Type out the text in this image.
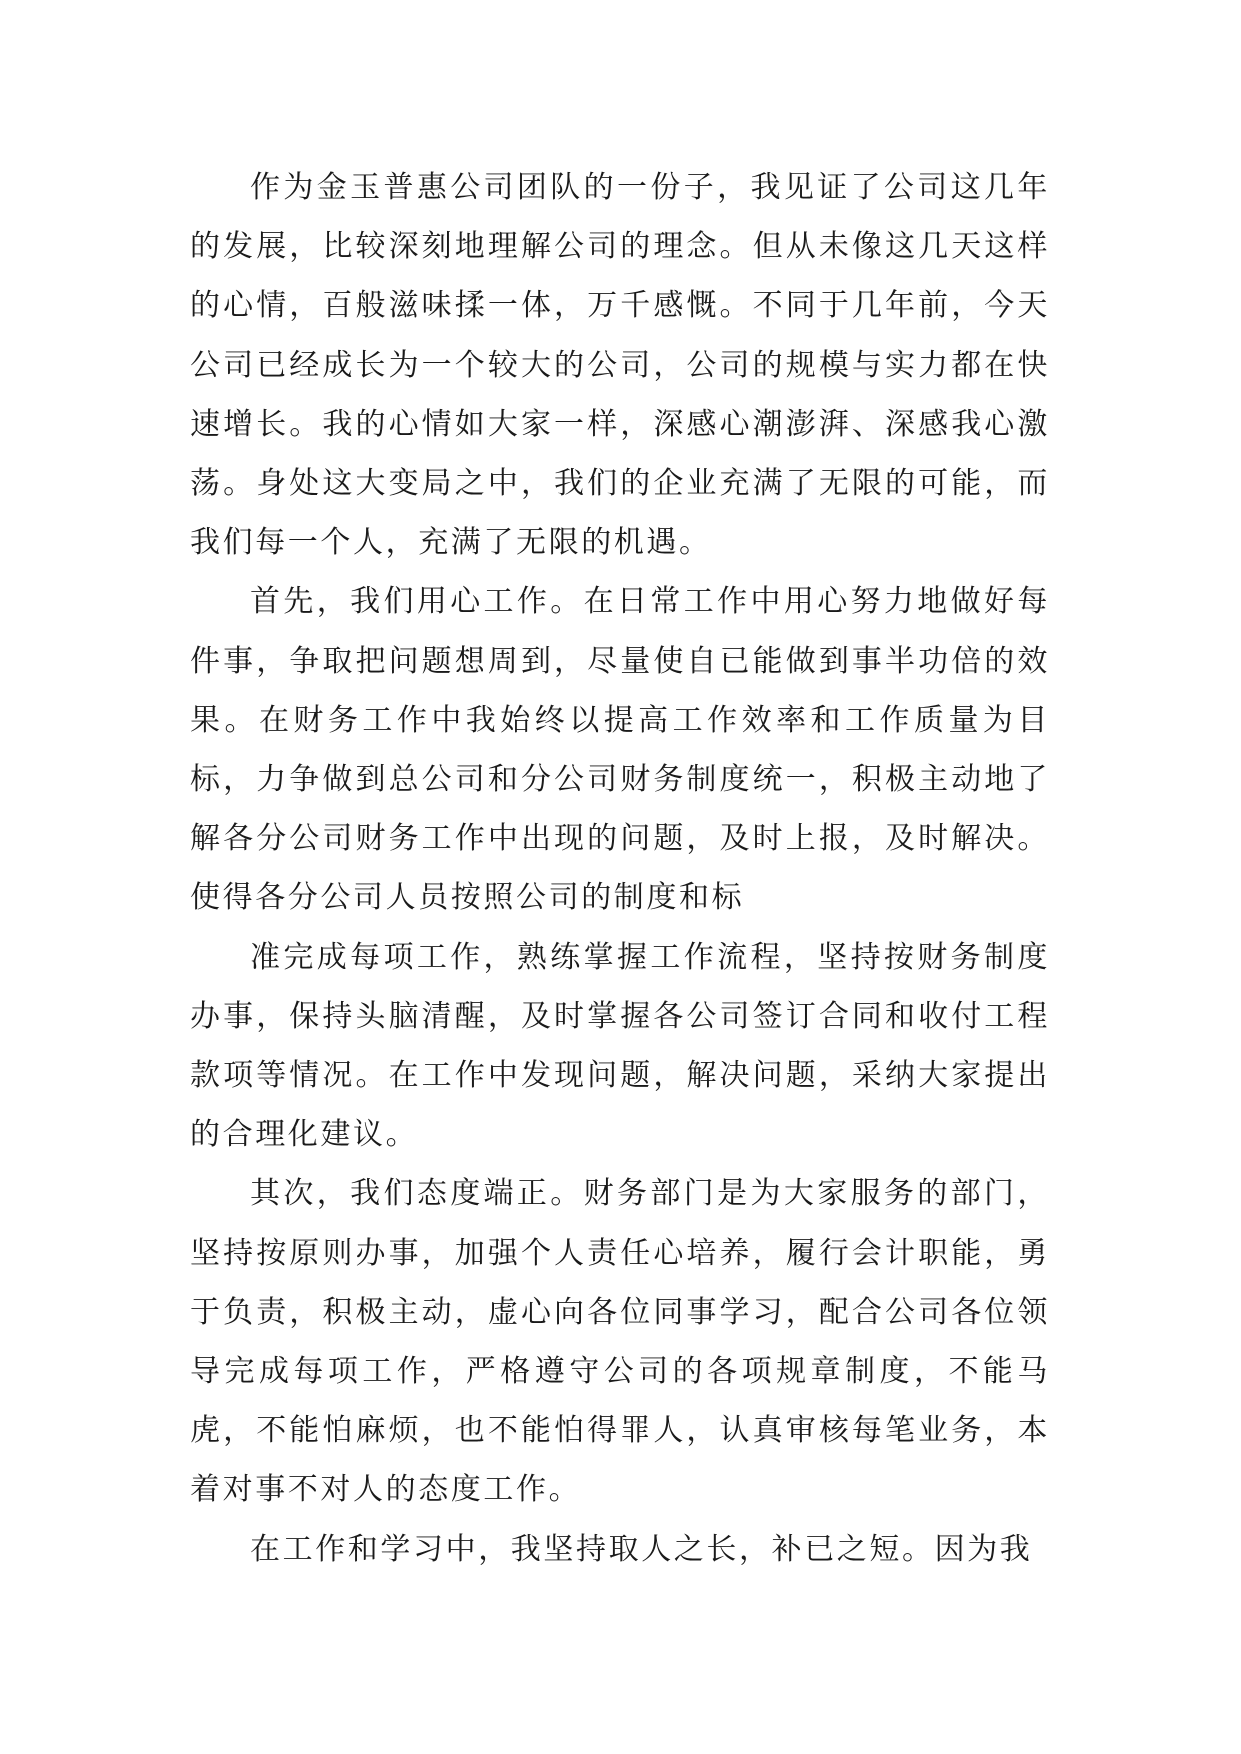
作为金玉普惠公司团队的一份子，我见证了公司这几年的发展，比较深刻地理解公司的理念。但从未像这几天这样的心情，百般滋味揉一体，万千感慨。不同于几年前，今天公司已经成长为一个较大的公司，公司的规模与实力都在快速增长。我的心情如大家一样，深感心潮澎湃、深感我心激荡。身处这大变局之中，我们的企业充满了无限的可能，而我们每一个人，充满了无限的机遇。

首先，我们用心工作。在日常工作中用心努力地做好每件事，争取把问题想周到，尽量使自已能做到事半功倍的效果。在财务工作中我始终以提高工作效率和工作质量为目标，力争做到总公司和分公司财务制度统一，积极主动地了解各分公司财务工作中出现的问题，及时上报，及时解决。使得各分公司人员按照公司的制度和标

准完成每项工作，熟练掌握工作流程，坚持按财务制度办事，保持头脑清醒，及时掌握各公司签订合同和收付工程款项等情况。在工作中发现问题，解决问题，采纳大家提出的合理化建议。

其次，我们态度端正。财务部门是为大家服务的部门，坚持按原则办事，加强个人责任心培养，履行会计职能，勇于负责，积极主动，虚心向各位同事学习，配合公司各位领导完成每项工作，严格遵守公司的各项规章制度，不能马虎，不能怕麻烦，也不能怕得罪人，认真审核每笔业务，本着对事不对人的态度工作。

在工作和学习中，我坚持取人之长，补已之短。因为我
